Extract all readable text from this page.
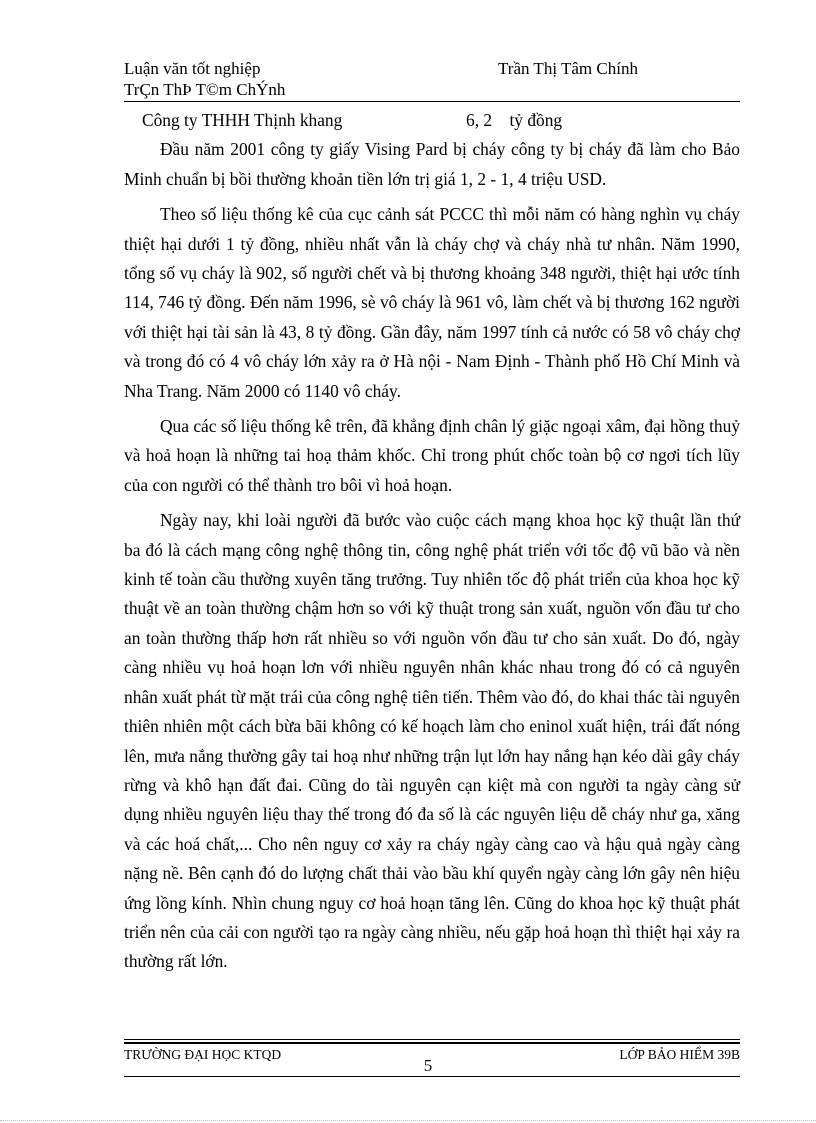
Luận văn tốt nghiệp	Trần Thị Tâm Chính
TrÇn ThÞ T©m ChÝnh
Công ty THHH Thịnh khang	6, 2    tỷ đồng

Đầu năm 2001 công ty giấy Vising Pard bị cháy công ty bị cháy đã làm cho Bảo Minh chuẩn bị bồi thường khoản tiền lớn trị giá 1, 2 - 1, 4 triệu USD.

Theo số liệu thống kê của cục cảnh sát PCCC thì mỗi năm có hàng nghìn vụ cháy thiệt hại dưới 1 tỷ đồng, nhiều nhất vẫn là cháy chợ và cháy nhà tư nhân. Năm 1990, tổng số vụ cháy là 902, số người chết và bị thương khoảng 348 người, thiệt hại ước tính 114, 746 tỷ đồng. Đến năm 1996, sè vô cháy là 961 vô, làm chết và bị thương 162 người với thiệt hại tài sản là 43, 8 tỷ đồng. Gần đây, năm 1997 tính cả nước có 58 vô cháy chợ và trong đó có 4 vô cháy lớn xảy ra ở Hà nội - Nam Định - Thành phố Hồ Chí Minh và Nha Trang. Năm 2000 có 1140 vô cháy.

Qua các số liệu thống kê trên, đã khẳng định chân lý giặc ngoại xâm, đại hồng thuỷ và hoả hoạn là những tai hoạ thảm khốc. Chỉ trong phút chốc toàn bộ cơ ngơi tích lũy của con người có thể thành tro bôi vì hoả hoạn.

Ngày nay, khi loài người đã bước vào cuộc cách mạng khoa học kỹ thuật lần thứ ba đó là cách mạng công nghệ thông tin, công nghệ phát triển với tốc độ vũ bão và nền kinh tế toàn cầu thường xuyên tăng trưởng. Tuy nhiên tốc độ phát triển của khoa học kỹ thuật về an toàn thường chậm hơn so với kỹ thuật trong sản xuất, nguồn vốn đầu tư cho an toàn thường thấp hơn rất nhiều so với nguồn vốn đầu tư cho sản xuất. Do đó, ngày càng nhiều vụ hoả hoạn lơn với nhiều nguyên nhân khác nhau trong đó có cả nguyên nhân xuất phát từ mặt trái của công nghệ tiên tiến. Thêm vào đó, do khai thác tài nguyên thiên nhiên một cách bừa bãi không có kế hoạch làm cho eninol xuất hiện, trái đất nóng lên, mưa nắng thường gây tai hoạ như những trận lụt lớn hay nắng hạn kéo dài gây cháy rừng và khô hạn đất đai. Cũng do tài nguyên cạn kiệt mà con người ta ngày càng sử dụng nhiều nguyên liệu thay thế trong đó đa số là các nguyên liệu dễ cháy như ga, xăng và các hoá chất,... Cho nên nguy cơ xảy ra cháy ngày càng cao và hậu quả ngày càng nặng nề. Bên cạnh đó do lượng chất thải vào bầu khí quyển ngày càng lớn gây nên hiệu ứng lồng kính. Nhìn chung nguy cơ hoả hoạn tăng lên. Cũng do khoa học kỹ thuật phát triển nên của cải con người tạo ra ngày càng nhiều, nếu gặp hoả hoạn thì thiệt hại xảy ra thường rất lớn.

TRƯỜNG ĐẠI HỌC KTQD	LỚP BẢO HIỂM 39B
5
